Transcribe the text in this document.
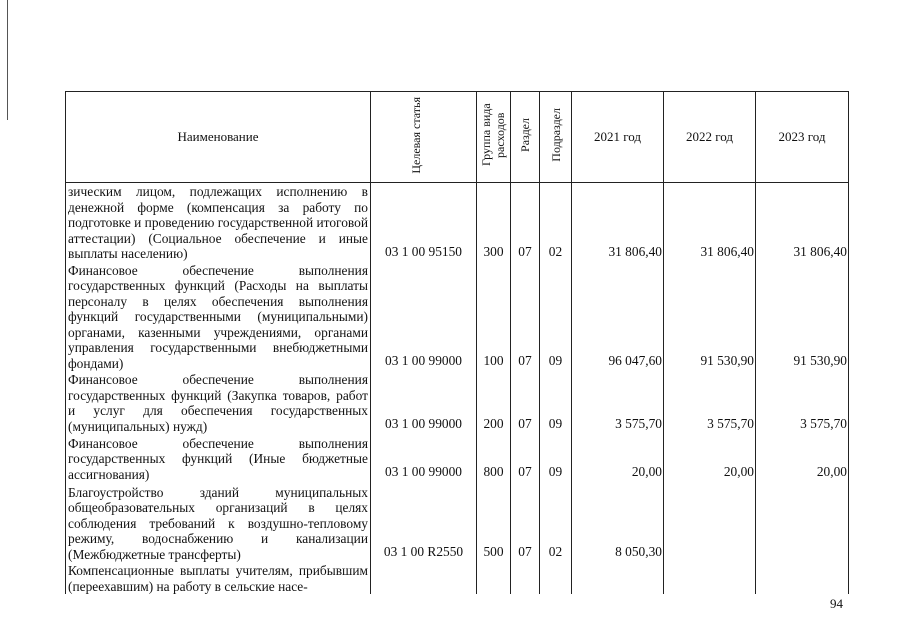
Наименование	Целевая статья	Группа вида расходов	Раздел	Подраздел	2021 год	2022 год	2023 год
зическим лицом, подлежащих исполнению в денежной форме (компенсация за работу по подготовке и проведению государственной итоговой аттестации) (Социальное обеспечение и иные выплаты населению)	03 1 00 95150	300	07	02	31 806,40	31 806,40	31 806,40
Финансовое обеспечение выполнения государственных функций (Расходы на выплаты персоналу в целях обеспечения выполнения функций государственными (муниципальными) органами, казенными учреждениями, органами управления государственными внебюджетными фондами)	03 1 00 99000	100	07	09	96 047,60	91 530,90	91 530,90
Финансовое обеспечение выполнения государственных функций (Закупка товаров, работ и услуг для обеспечения государственных (муниципальных) нужд)	03 1 00 99000	200	07	09	3 575,70	3 575,70	3 575,70
Финансовое обеспечение выполнения государственных функций (Иные бюджетные ассигнования)	03 1 00 99000	800	07	09	20,00	20,00	20,00
Благоустройство зданий муниципальных общеобразовательных организаций в целях соблюдения требований к воздушно-тепловому режиму, водоснабжению и канализации (Межбюджетные трансферты)	03 1 00 R2550	500	07	02	8 050,30		
Компенсационные выплаты учителям, прибывшим (переехавшим) на работу в сельские насе-							
94
